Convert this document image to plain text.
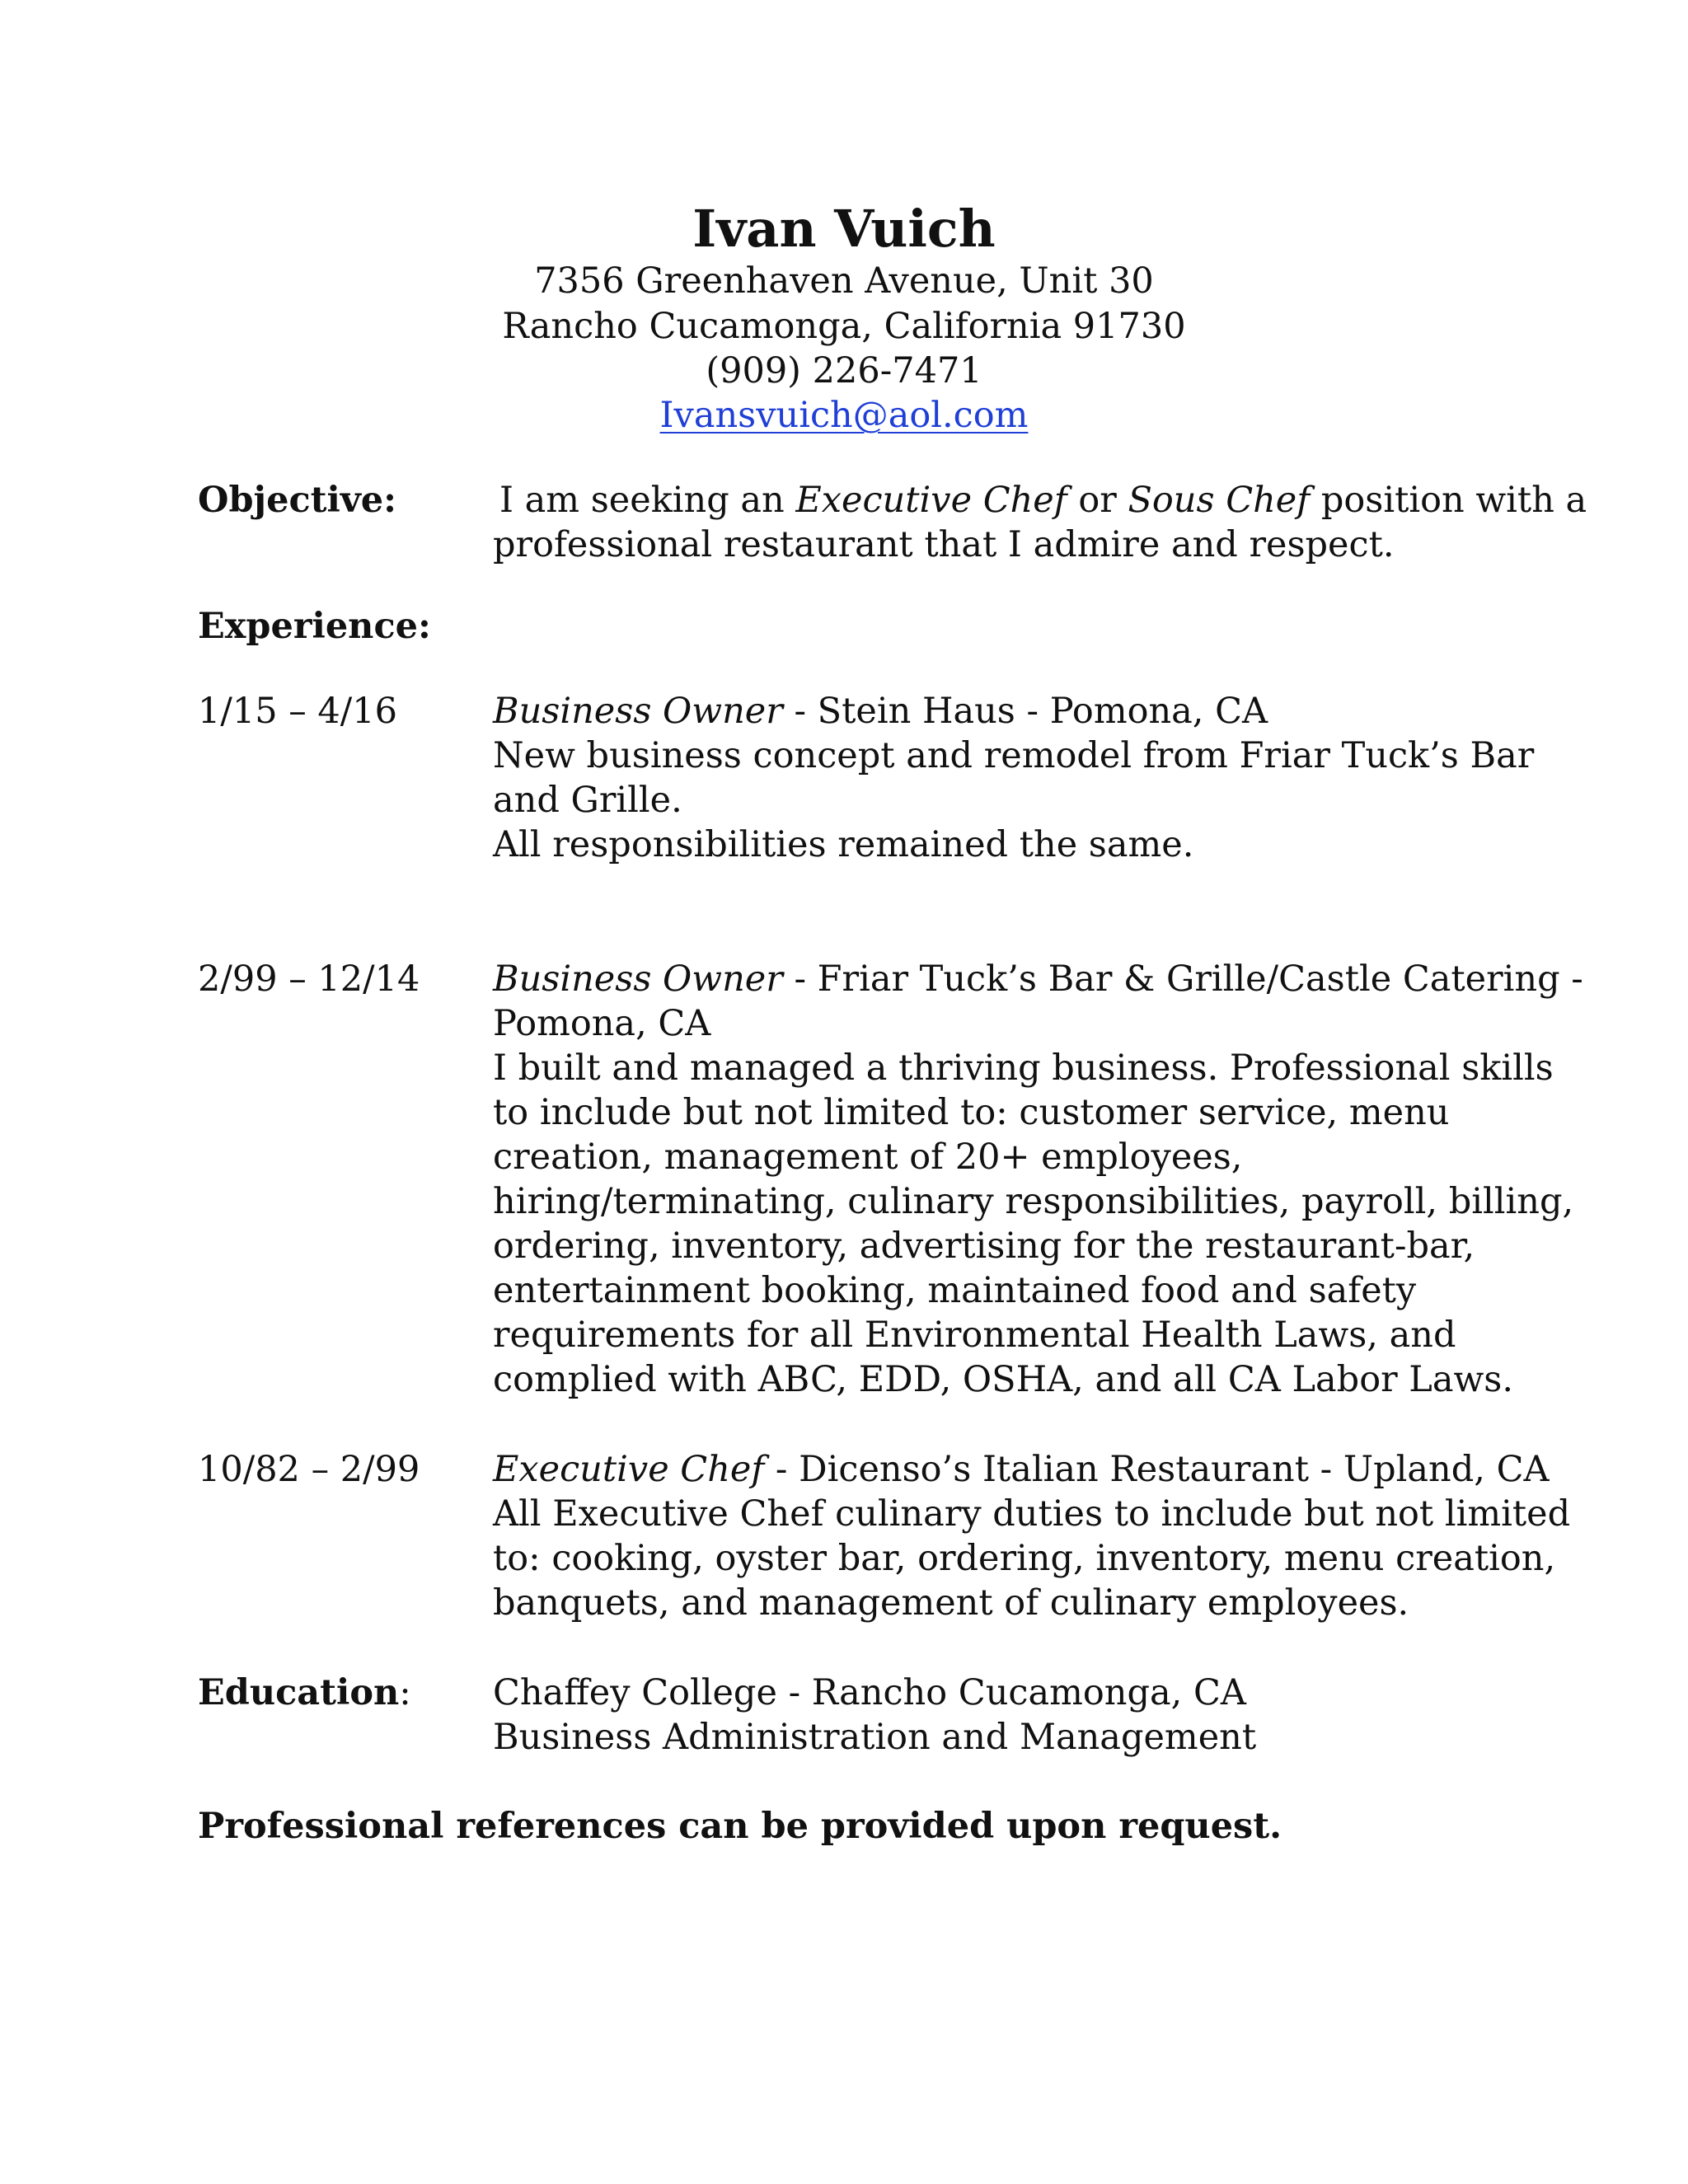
Ivan Vuich
7356 Greenhaven Avenue, Unit 30
Rancho Cucamonga, California 91730
(909) 226-7471
Ivansvuich@aol.com
Objective:	I am seeking an Executive Chef or Sous Chef position with a
professional restaurant that I admire and respect.
Experience:
1/15 – 4/16	Business Owner - Stein Haus - Pomona, CA
New business concept and remodel from Friar Tuck’s Bar
and Grille.
All responsibilities remained the same.
2/99 – 12/14 Business Owner - Friar Tuck’s Bar & Grille/Castle Catering -
Pomona, CA
I built and managed a thriving business. Professional skills
to include but not limited to: customer service, menu
creation, management of 20+ employees,
hiring/terminating, culinary responsibilities, payroll, billing,
ordering, inventory, advertising for the restaurant-bar,
entertainment booking, maintained food and safety
requirements for all Environmental Health Laws, and
complied with ABC, EDD, OSHA, and all CA Labor Laws.
10/82 – 2/99 Executive Chef - Dicenso’s Italian Restaurant - Upland, CA
All Executive Chef culinary duties to include but not limited
to: cooking, oyster bar, ordering, inventory, menu creation,
banquets, and management of culinary employees.
Education: Chaffey College - Rancho Cucamonga, CA
Business Administration and Management
Professional references can be provided upon request.
